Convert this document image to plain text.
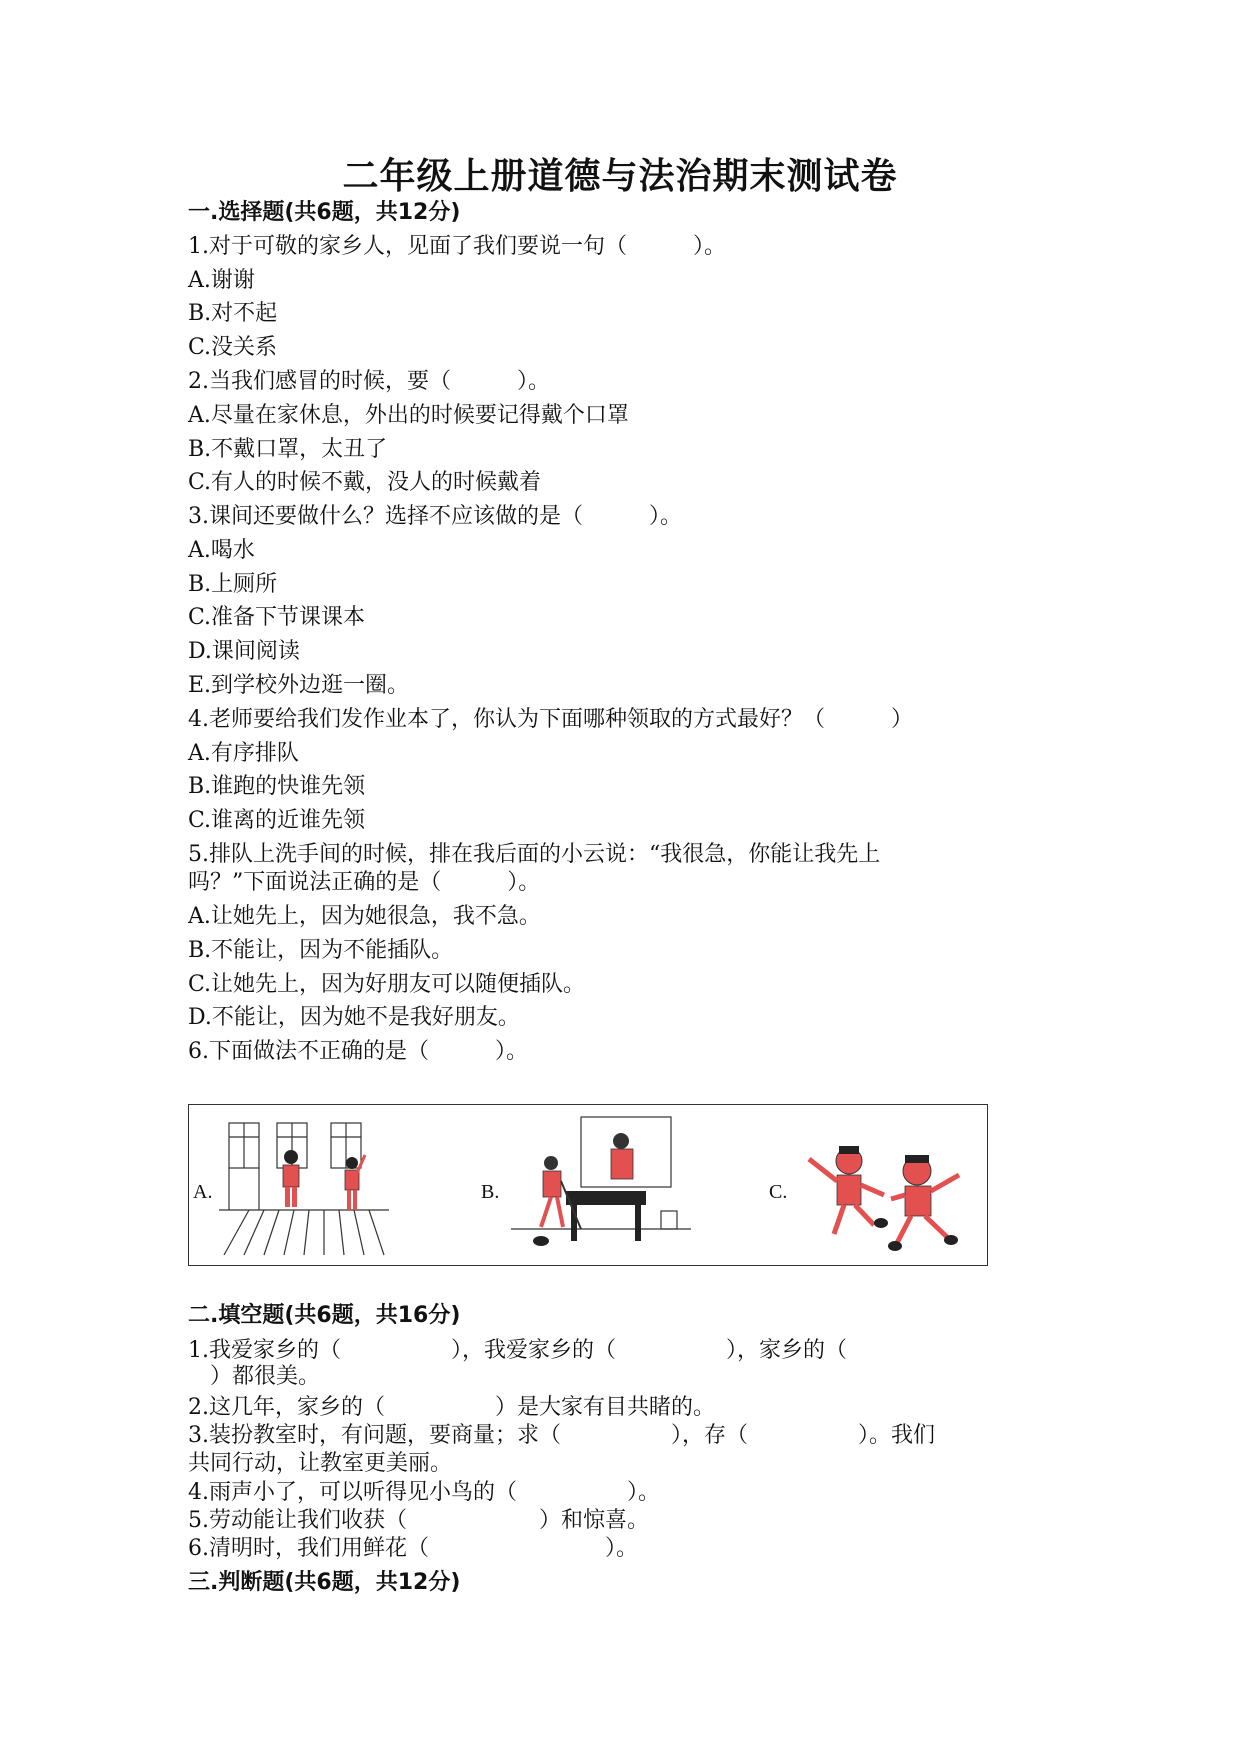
二年级上册道德与法治期末测试卷
一.选择题(共6题，共12分)
1.对于可敬的家乡人，见面了我们要说一句（　　　）。
A.谢谢
B.对不起
C.没关系
2.当我们感冒的时候，要（　　　）。
A.尽量在家休息，外出的时候要记得戴个口罩
B.不戴口罩，太丑了
C.有人的时候不戴，没人的时候戴着
3.课间还要做什么？选择不应该做的是（　　　）。
A.喝水
B.上厕所
C.准备下节课课本
D.课间阅读
E.到学校外边逛一圈。
4.老师要给我们发作业本了，你认为下面哪种领取的方式最好？（　　　）
A.有序排队
B.谁跑的快谁先领
C.谁离的近谁先领
5.排队上洗手间的时候，排在我后面的小云说：“我很急，你能让我先上
吗？”下面说法正确的是（　　　）。
A.让她先上，因为她很急，我不急。
B.不能让，因为不能插队。
C.让她先上，因为好朋友可以随便插队。
D.不能让，因为她不是我好朋友。
6.下面做法不正确的是（　　　）。
A.	B.	C.
二.填空题(共6题，共16分)
1.我爱家乡的（　　　　　），我爱家乡的（　　　　　），家乡的（
　）都很美。
2.这几年，家乡的（　　　　　）是大家有目共睹的。
3.装扮教室时，有问题，要商量；求（　　　　　），存（　　　　　）。我们
共同行动，让教室更美丽。
4.雨声小了，可以听得见小鸟的（　　　　　）。
5.劳动能让我们收获（　　　　　　）和惊喜。
6.清明时，我们用鲜花（　　　　　　　　）。
三.判断题(共6题，共12分)
